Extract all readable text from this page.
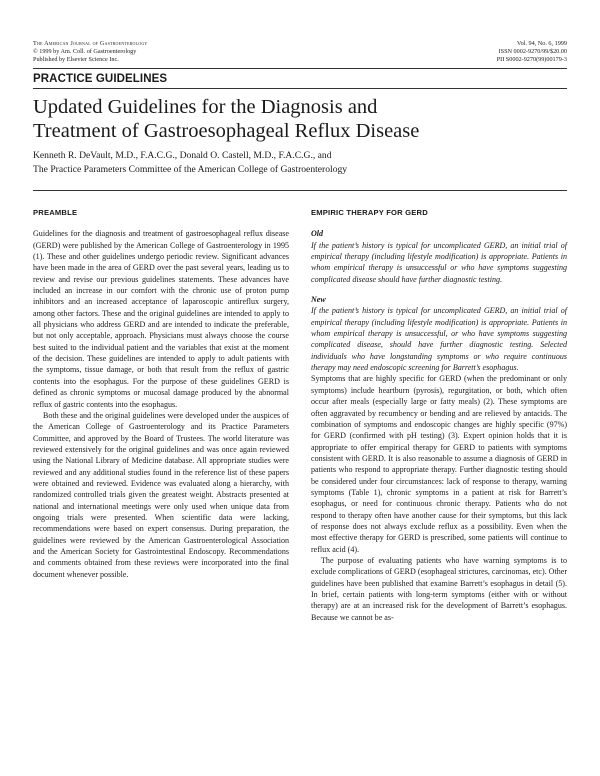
The American Journal of Gastroenterology
© 1999 by Am. Coll. of Gastroenterology
Published by Elsevier Science Inc.
Vol. 94, No. 6, 1999
ISSN 0002-9270/99/$20.00
PII S0002-9270(99)00179-3
PRACTICE GUIDELINES
Updated Guidelines for the Diagnosis and
Treatment of Gastroesophageal Reflux Disease
Kenneth R. DeVault, M.D., F.A.C.G., Donald O. Castell, M.D., F.A.C.G., and
The Practice Parameters Committee of the American College of Gastroenterology
PREAMBLE

Guidelines for the diagnosis and treatment of gastroesophageal reflux disease (GERD) were published by the American College of Gastroenterology in 1995 (1). These and other guidelines undergo periodic review. Significant advances have been made in the area of GERD over the past several years, leading us to review and revise our previous guidelines statements. These advances have included an increase in our comfort with the chronic use of proton pump inhibitors and an increased acceptance of laparoscopic antireflux surgery, among other factors. These and the original guidelines are intended to apply to all physicians who address GERD and are intended to indicate the preferable, but not only acceptable, approach. Physicians must always choose the course best suited to the individual patient and the variables that exist at the moment of the decision. These guidelines are intended to apply to adult patients with the symptoms, tissue damage, or both that result from the reflux of gastric contents into the esophagus. For the purpose of these guidelines GERD is defined as chronic symptoms or mucosal damage produced by the abnormal reflux of gastric contents into the esophagus.

Both these and the original guidelines were developed under the auspices of the American College of Gastroenterology and its Practice Parameters Committee, and approved by the Board of Trustees. The world literature was reviewed extensively for the original guidelines and was once again reviewed using the National Library of Medicine database. All appropriate studies were reviewed and any additional studies found in the reference list of these papers were obtained and reviewed. Evidence was evaluated along a hierarchy, with randomized controlled trials given the greatest weight. Abstracts presented at national and international meetings were only used when unique data from ongoing trials were presented. When scientific data were lacking, recommendations were based on expert consensus. During preparation, the guidelines were reviewed by the American Gastroenterological Association and the American Society for Gastrointestinal Endoscopy. Recommendations and comments obtained from these reviews were incorporated into the final document whenever possible.

EMPIRIC THERAPY FOR GERD
Old

If the patient’s history is typical for uncomplicated GERD, an initial trial of empirical therapy (including lifestyle modification) is appropriate. Patients in whom empirical therapy is unsuccessful or who have symptoms suggesting complicated disease should have further diagnostic testing.

New

If the patient’s history is typical for uncomplicated GERD, an initial trial of empirical therapy (including lifestyle modification) is appropriate. Patients in whom empirical therapy is unsuccessful, or who have symptoms suggesting complicated disease, should have further diagnostic testing. Selected individuals who have longstanding symptoms or who require continuous therapy may need endoscopic screening for Barrett’s esophagus.

Symptoms that are highly specific for GERD (when the predominant or only symptoms) include heartburn (pyrosis), regurgitation, or both, which often occur after meals (especially large or fatty meals) (2). These symptoms are often aggravated by recumbency or bending and are relieved by antacids. The combination of symptoms and endoscopic changes are highly specific (97%) for GERD (confirmed with pH testing) (3). Expert opinion holds that it is appropriate to offer empirical therapy for GERD to patients with symptoms consistent with GERD. It is also reasonable to assume a diagnosis of GERD in patients who respond to appropriate therapy. Further diagnostic testing should be considered under four circumstances: lack of response to therapy, warning symptoms (Table 1), chronic symptoms in a patient at risk for Barrett’s esophagus, or need for continuous chronic therapy. Patients who do not respond to therapy often have another cause for their symptoms, but this lack of response does not always exclude reflux as a possibility. Even when the most effective therapy for GERD is prescribed, some patients will continue to reflux acid (4).

The purpose of evaluating patients who have warning symptoms is to exclude complications of GERD (esophageal strictures, carcinomas, etc). Other guidelines have been published that examine Barrett’s esophagus in detail (5). In brief, certain patients with long-term symptoms (either with or without therapy) are at an increased risk for the development of Barrett’s esophagus. Because we cannot be as-
